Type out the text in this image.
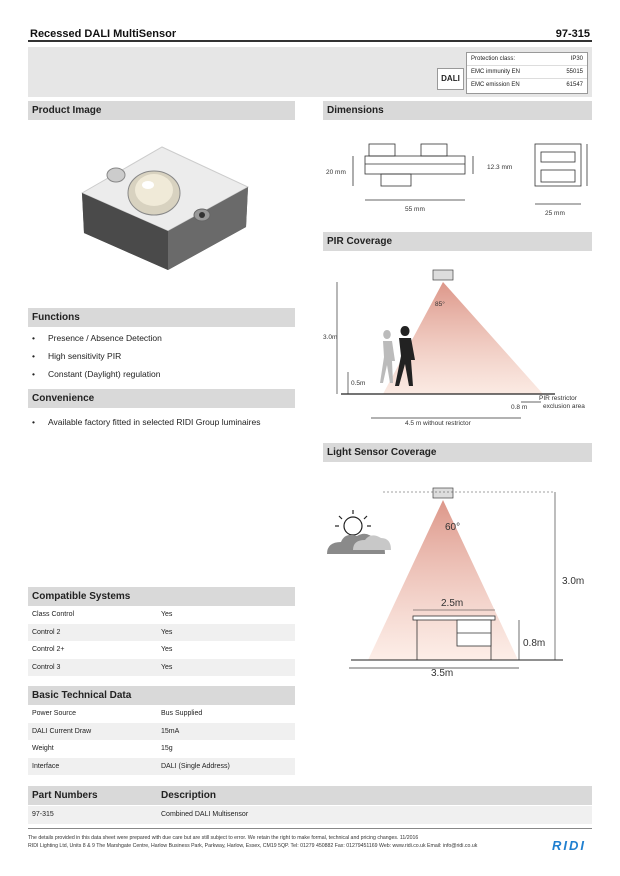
Recessed DALI MultiSensor	97-315
DALI
Protection class:	IP30
EMC immunity EN	55015
EMC emission EN	61547
Product Image
Functions
• Presence / Absence Detection
• High sensitivity PIR
• Constant (Daylight) regulation
Convenience
• Available factory fitted in selected RIDI Group luminaires
Compatible Systems
Class Control	Yes
Control 2	Yes
Control 2+	Yes
Control 3	Yes
Basic Technical Data
Power Source	Bus Supplied
DALI Current Draw	15mA
Weight	15g
Interface	DALI (Single Address)
Part Numbers	Description
97-315	Combined DALI Multisensor
Dimensions
20 mm
12.3 mm
55 mm
25 mm
PIR Coverage
85°
3.0m
0.5m
0.8 m
PIR restrictor
exclusion area
4.5 m without restrictor
Light Sensor Coverage
60°
3.0m
2.5m
0.8m
3.5m
The details provided in this data sheet were prepared with due care but are still subject to error. We retain the right to make formal, technical and pricing changes. 11/2016
RIDI Lighting Ltd, Units 8 & 9 The Marshgate Centre, Harlow Business Park, Parkway, Harlow, Essex, CM19 5QP. Tel: 01279 450882 Fax: 01279451169 Web: www.ridi.co.uk Email: info@ridi.co.uk	RIDI
